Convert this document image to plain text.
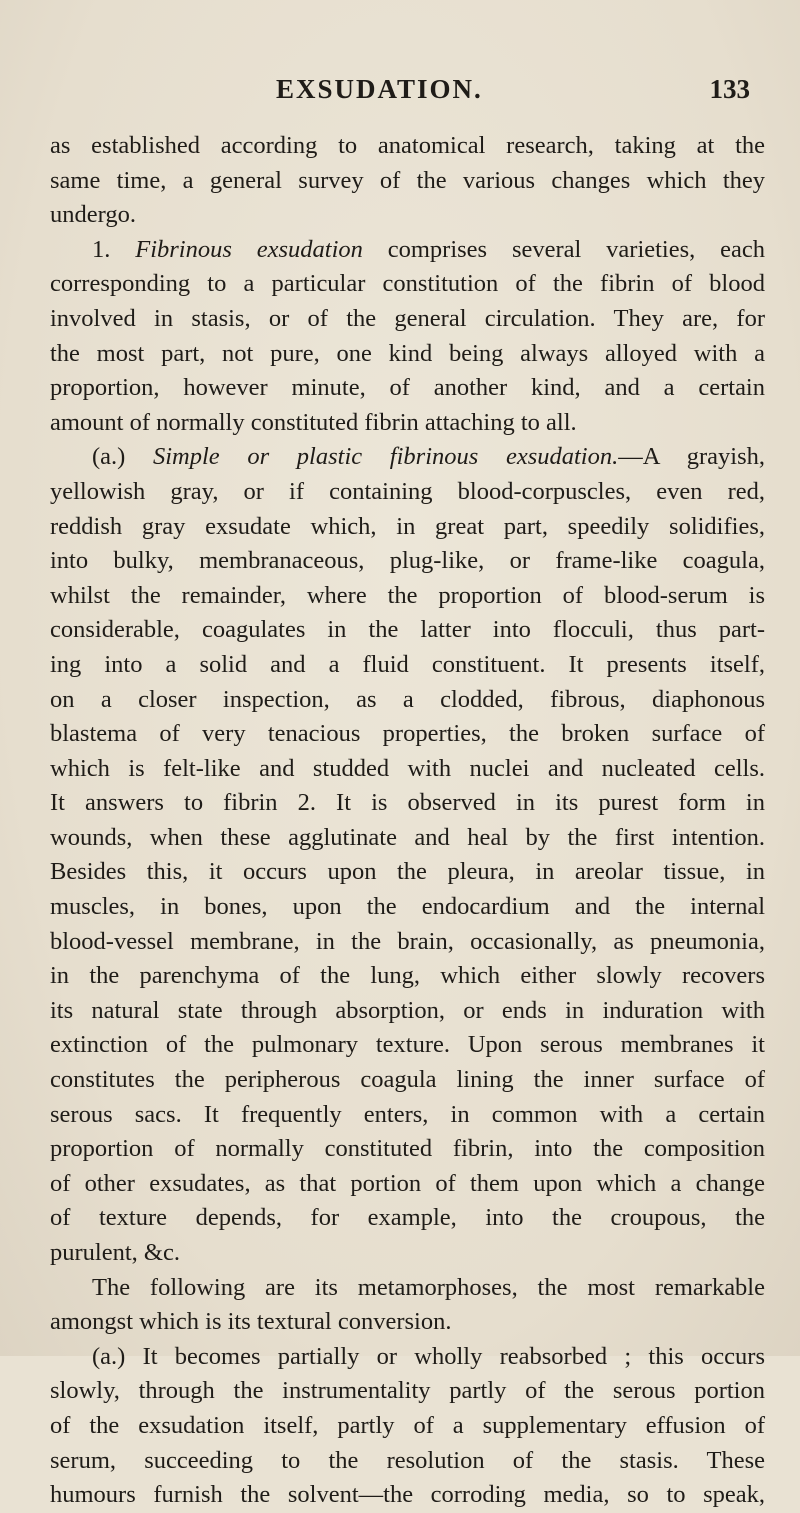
EXSUDATION.	133
as established according to anatomical research, taking at the
same time, a general survey of the various changes which they
undergo.
1. Fibrinous exsudation comprises several varieties, each
corresponding to a particular constitution of the fibrin of blood
involved in stasis, or of the general circulation. They are, for
the most part, not pure, one kind being always alloyed with a
proportion, however minute, of another kind, and a certain
amount of normally constituted fibrin attaching to all.
(a.) Simple or plastic fibrinous exsudation.—A grayish,
yellowish gray, or if containing blood-corpuscles, even red,
reddish gray exsudate which, in great part, speedily solidifies,
into bulky, membranaceous, plug-like, or frame-like coagula,
whilst the remainder, where the proportion of blood-serum is
considerable, coagulates in the latter into flocculi, thus part-
ing into a solid and a fluid constituent. It presents itself,
on a closer inspection, as a clodded, fibrous, diaphonous
blastema of very tenacious properties, the broken surface of
which is felt-like and studded with nuclei and nucleated cells.
It answers to fibrin 2. It is observed in its purest form in
wounds, when these agglutinate and heal by the first intention.
Besides this, it occurs upon the pleura, in areolar tissue, in
muscles, in bones, upon the endocardium and the internal
blood-vessel membrane, in the brain, occasionally, as pneumonia,
in the parenchyma of the lung, which either slowly recovers
its natural state through absorption, or ends in induration with
extinction of the pulmonary texture. Upon serous membranes it
constitutes the peripherous coagula lining the inner surface of
serous sacs. It frequently enters, in common with a certain
proportion of normally constituted fibrin, into the composition
of other exsudates, as that portion of them upon which a change
of texture depends, for example, into the croupous, the
purulent, &c.
The following are its metamorphoses, the most remarkable
amongst which is its textural conversion.
(a.) It becomes partially or wholly reabsorbed ; this occurs
slowly, through the instrumentality partly of the serous portion
of the exsudation itself, partly of a supplementary effusion of
serum, succeeding to the resolution of the stasis. These
humours furnish the solvent—the corroding media, so to speak,
